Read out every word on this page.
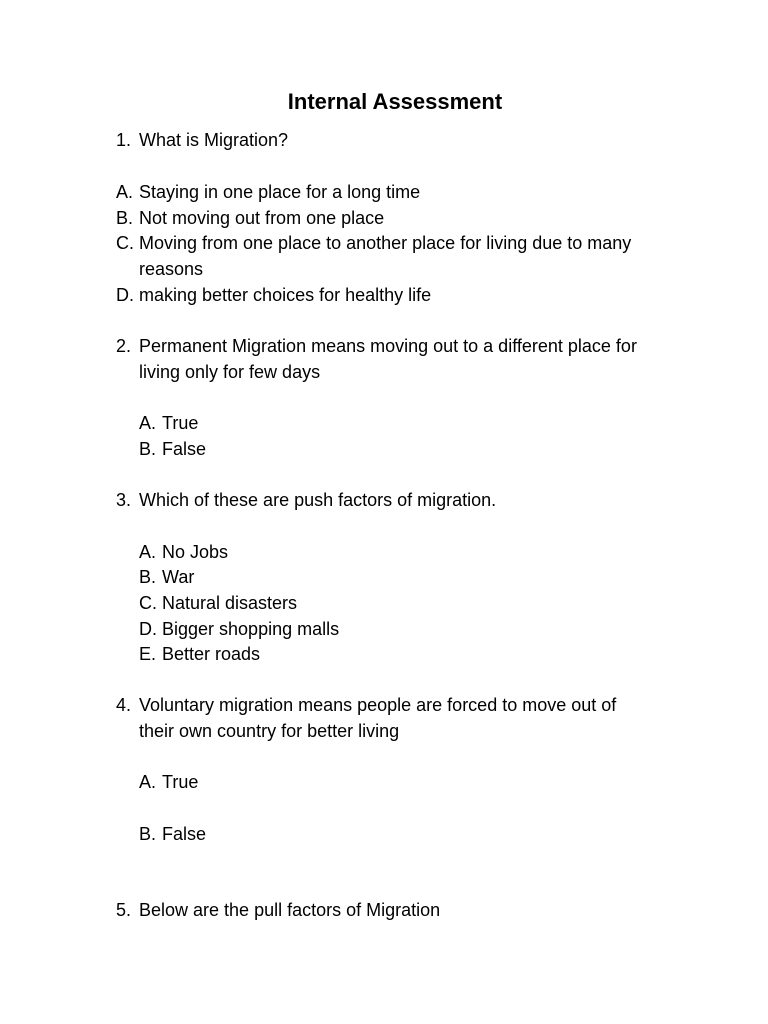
Internal Assessment
1. What is Migration?
A. Staying in one place for a long time
B. Not moving out from one place
C. Moving from one place to another place for living due to many
reasons
D. making better choices for healthy life
2. Permanent Migration means moving out to a different place for
living only for few days
A. True
B. False
3. Which of these are push factors of migration.
A. No Jobs
B. War
C. Natural disasters
D. Bigger shopping malls
E. Better roads
4. Voluntary migration means people are forced to move out of
their own country for better living
A. True
B. False
5. Below are the pull factors of Migration
